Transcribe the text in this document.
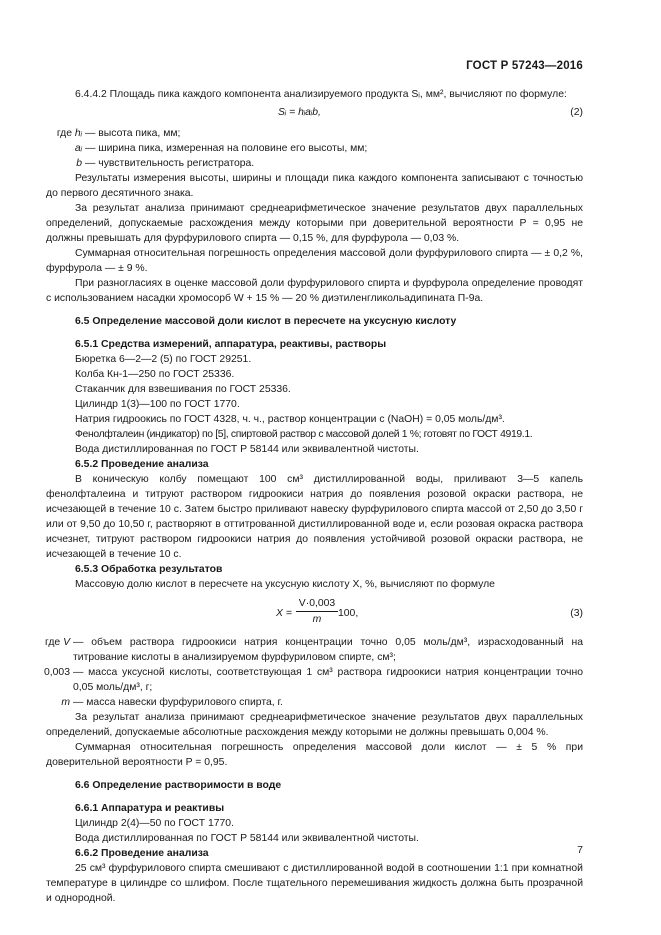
ГОСТ Р 57243—2016

6.4.4.2 Площадь пика каждого компонента анализируемого продукта Sᵢ, мм², вычисляют по формуле:

Sᵢ = hᵢaᵢb,	(2)
где hᵢ	— высота пика, мм;
aᵢ	— ширина пика, измеренная на половине его высоты, мм;
b	— чувствительность регистратора.

Результаты измерения высоты, ширины и площади пика каждого компонента записывают с точностью до первого десятичного знака.

За результат анализа принимают среднеарифметическое значение результатов двух параллельных определений, допускаемые расхождения между которыми при доверительной вероятности P = 0,95 не должны превышать для фурфурилового спирта — 0,15 %, для фурфурола — 0,03 %.

Суммарная относительная погрешность определения массовой доли фурфурилового спирта — ± 0,2 %, фурфурола — ± 9 %.

При разногласиях в оценке массовой доли фурфурилового спирта и фурфурола определение проводят с использованием насадки хромосорб W + 15 % — 20 % диэтиленгликольадипината П-9а.

6.5 Определение массовой доли кислот в пересчете на уксусную кислоту

6.5.1 Средства измерений, аппаратура, реактивы, растворы

Бюретка 6—2—2 (5) по ГОСТ 29251.

Колба Кн-1—250 по ГОСТ 25336.

Стаканчик для взвешивания по ГОСТ 25336.

Цилиндр 1(3)—100 по ГОСТ 1770.

Натрия гидроокись по ГОСТ 4328, ч. ч., раствор концентрации c (NaOH) = 0,05 моль/дм³.

Фенолфталеин (индикатор) по [5], спиртовой раствор с массовой долей 1 %; готовят по ГОСТ 4919.1.

Вода дистиллированная по ГОСТ Р 58144 или эквивалентной чистоты.

6.5.2 Проведение анализа

В коническую колбу помещают 100 см³ дистиллированной воды, приливают 3—5 капель фенолфталеина и титруют раствором гидроокиси натрия до появления розовой окраски раствора, не исчезающей в течение 10 с. Затем быстро приливают навеску фурфурилового спирта массой от 2,50 до 3,50 г или от 9,50 до 10,50 г, растворяют в оттитрованной дистиллированной воде и, если розовая окраска раствора исчезнет, титруют раствором гидроокиси натрия до появления устойчивой розовой окраски раствора, не исчезающей в течение 10 с.

6.5.3 Обработка результатов

Массовую долю кислот в пересчете на уксусную кислоту X, %, вычисляют по формуле

$X = \frac{V\cdot 0,003}{m} 100$,	(3)
где V	— объем раствора гидроокиси натрия концентрации точно 0,05 моль/дм³, израсходованный на титрование кислоты в анализируемом фурфуриловом спирте, см³;
0,003	— масса уксусной кислоты, соответствующая 1 см³ раствора гидроокиси натрия концентрации точно 0,05 моль/дм³, г;
m	— масса навески фурфурилового спирта, г.

За результат анализа принимают среднеарифметическое значение результатов двух параллельных определений, допускаемые абсолютные расхождения между которыми не должны превышать 0,004 %.

Суммарная относительная погрешность определения массовой доли кислот — ± 5 % при доверительной вероятности P = 0,95.

6.6 Определение растворимости в воде

6.6.1 Аппаратура и реактивы

Цилиндр 2(4)—50 по ГОСТ 1770.

Вода дистиллированная по ГОСТ Р 58144 или эквивалентной чистоты.

6.6.2 Проведение анализа

25 см³ фурфурилового спирта смешивают с дистиллированной водой в соотношении 1:1 при комнатной температуре в цилиндре со шлифом. После тщательного перемешивания жидкость должна быть прозрачной и однородной.

7
